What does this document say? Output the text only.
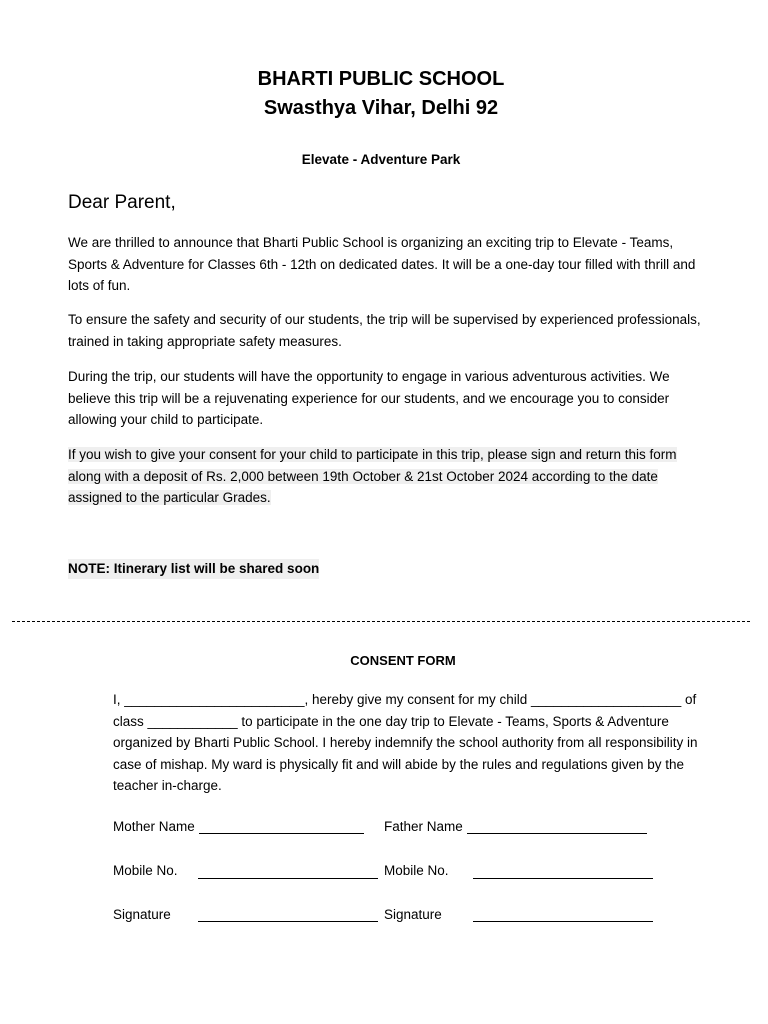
BHARTI PUBLIC SCHOOL
Swasthya Vihar, Delhi 92
Elevate - Adventure Park
Dear Parent,

We are thrilled to announce that Bharti Public School is organizing an exciting trip to Elevate - Teams, Sports & Adventure for Classes 6th - 12th on dedicated dates. It will be a one-day tour filled with thrill and lots of fun.

To ensure the safety and security of our students, the trip will be supervised by experienced professionals, trained in taking appropriate safety measures.

During the trip, our students will have the opportunity to engage in various adventurous activities. We believe this trip will be a rejuvenating experience for our students, and we encourage you to consider allowing your child to participate.

If you wish to give your consent for your child to participate in this trip, please sign and return this form along with a deposit of Rs. 2,000 between 19th October & 21st October 2024 according to the date assigned to the particular Grades.

NOTE: Itinerary list will be shared soon
CONSENT FORM

I, ________________________, hereby give my consent for my child ____________________ of class ____________ to participate in the one day trip to Elevate - Teams, Sports & Adventure organized by Bharti Public School. I hereby indemnify the school authority from all responsibility in case of mishap. My ward is physically fit and will abide by the rules and regulations given by the teacher in-charge.

Mother Name	Father Name
Mobile No.	Mobile No.
Signature	Signature
